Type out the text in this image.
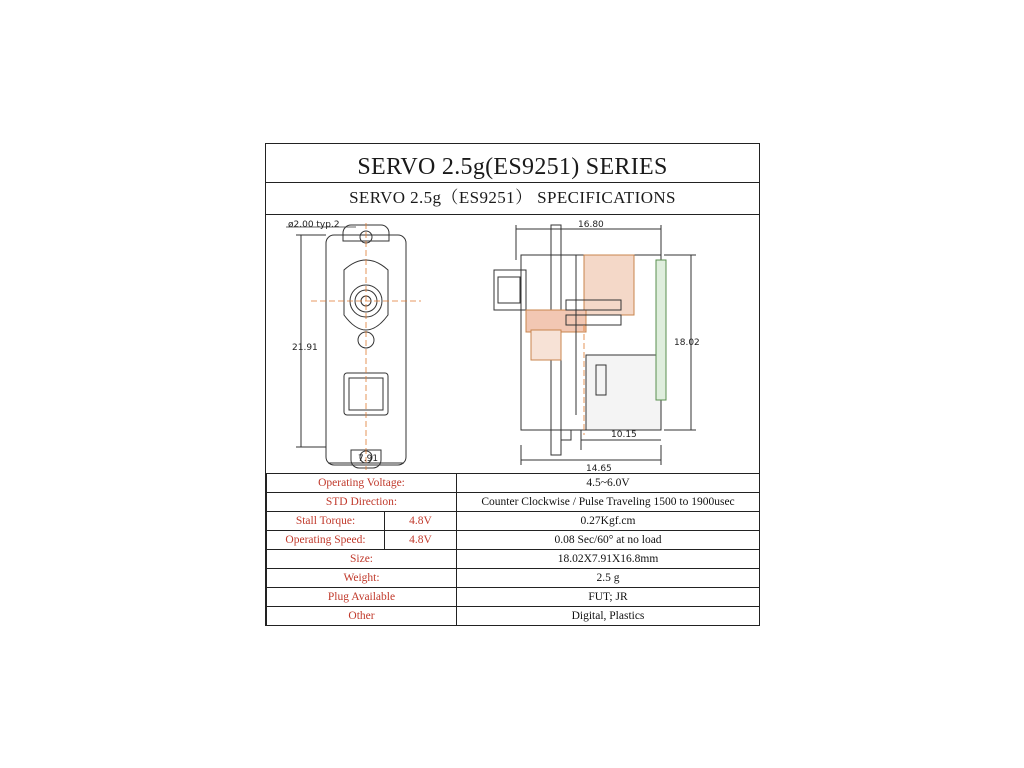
SERVO 2.5g(ES9251) SERIES
SERVO 2.5g（ES9251） SPECIFICATIONS
ø2.00 typ.2
21.91
7.91
16.80
18.02
10.15
14.65
Operating Voltage:		4.5~6.0V
STD Direction:		Counter Clockwise / Pulse Traveling 1500 to 1900usec
Stall Torque:	4.8V	0.27Kgf.cm
Operating Speed:	4.8V	0.08 Sec/60° at no load
Size:		18.02X7.91X16.8mm
Weight:		2.5 g
Plug Available		FUT; JR
Other		Digital, Plastics
